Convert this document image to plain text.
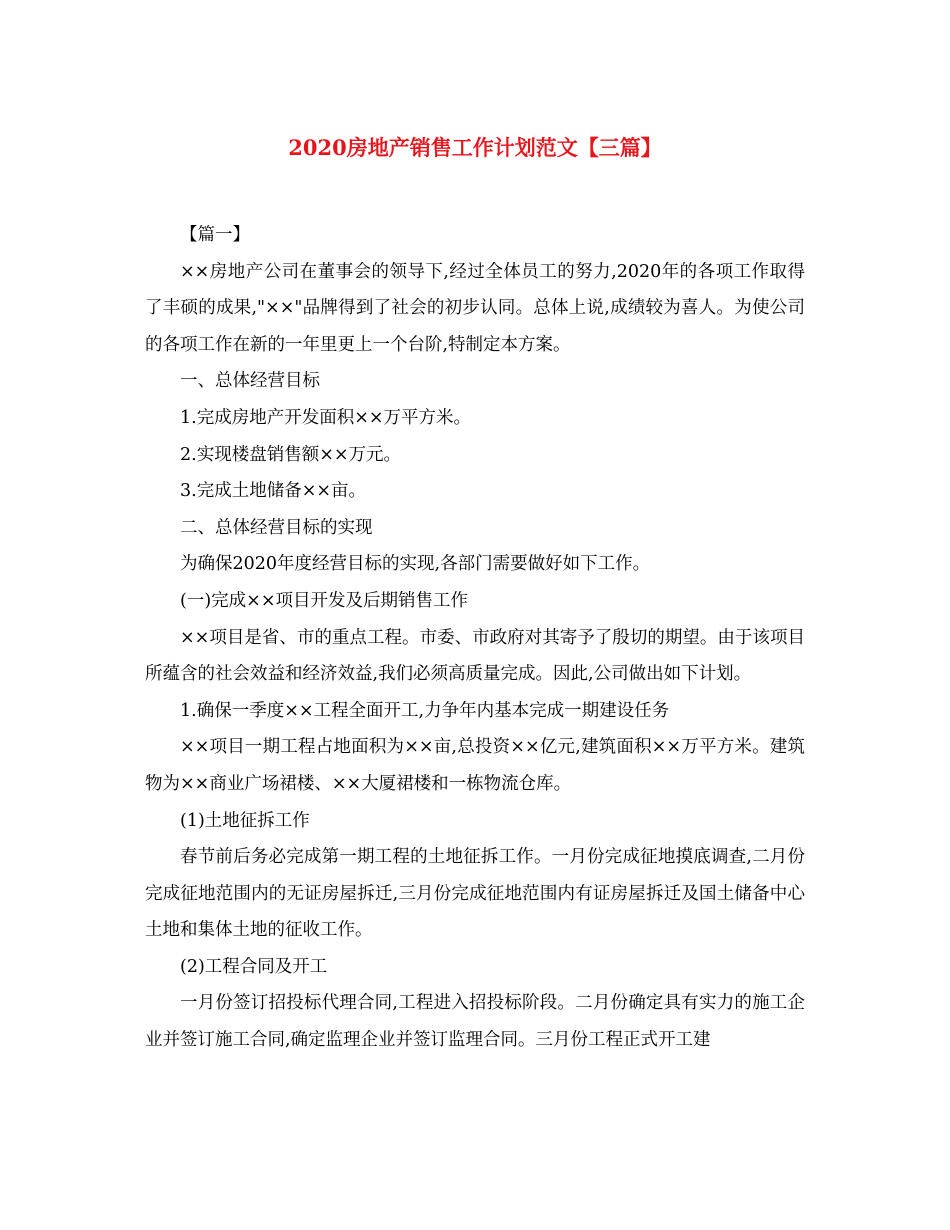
2020房地产销售工作计划范文【三篇】

【篇一】

××房地产公司在董事会的领导下,经过全体员工的努力,2020年的各项工作取得了丰硕的成果,"××"品牌得到了社会的初步认同。总体上说,成绩较为喜人。为使公司的各项工作在新的一年里更上一个台阶,特制定本方案。

一、总体经营目标

1.完成房地产开发面积××万平方米。

2.实现楼盘销售额××万元。

3.完成土地储备××亩。

二、总体经营目标的实现

为确保2020年度经营目标的实现,各部门需要做好如下工作。

(一)完成××项目开发及后期销售工作

××项目是省、市的重点工程。市委、市政府对其寄予了殷切的期望。由于该项目所蕴含的社会效益和经济效益,我们必须高质量完成。因此,公司做出如下计划。

1.确保一季度××工程全面开工,力争年内基本完成一期建设任务

××项目一期工程占地面积为××亩,总投资××亿元,建筑面积××万平方米。建筑物为××商业广场裙楼、××大厦裙楼和一栋物流仓库。

(1)土地征拆工作

春节前后务必完成第一期工程的土地征拆工作。一月份完成征地摸底调查,二月份完成征地范围内的无证房屋拆迁,三月份完成征地范围内有证房屋拆迁及国土储备中心土地和集体土地的征收工作。

(2)工程合同及开工

一月份签订招投标代理合同,工程进入招投标阶段。二月份确定具有实力的施工企业并签订施工合同,确定监理企业并签订监理合同。三月份工程正式开工建
